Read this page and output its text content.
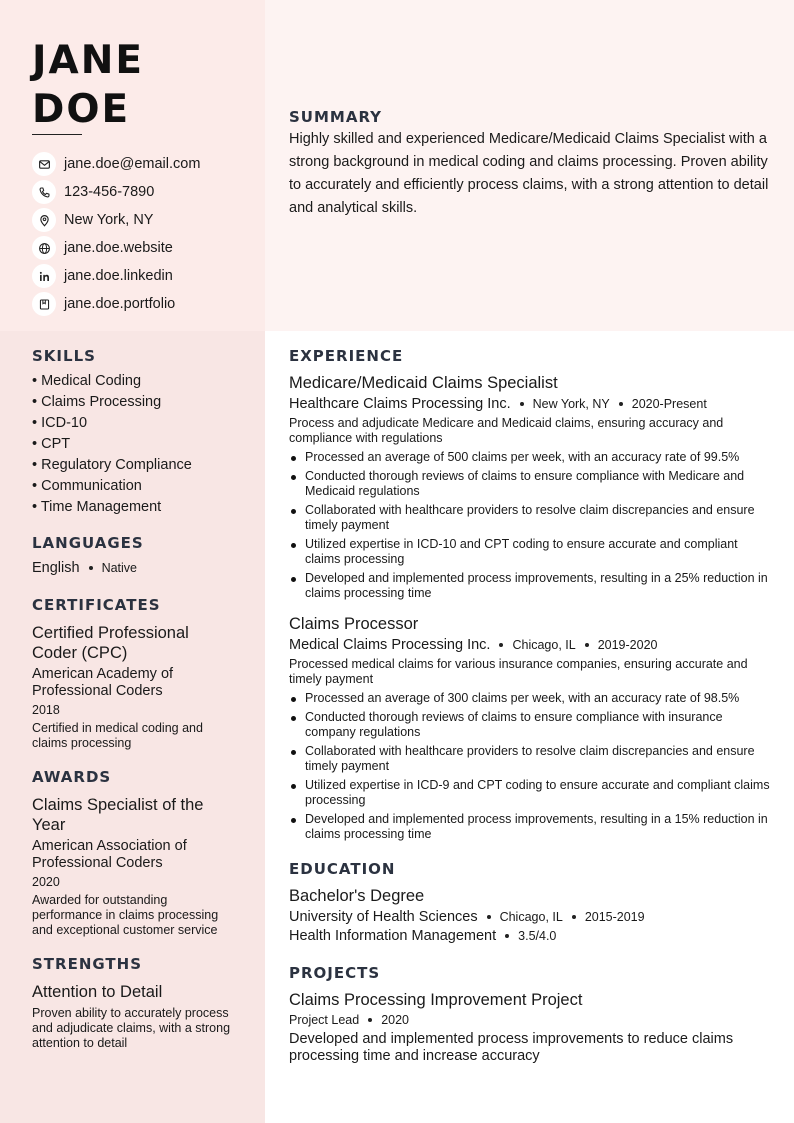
JANE
DOE
jane.doe@email.com
123-456-7890
New York, NY
jane.doe.website
jane.doe.linkedin
jane.doe.portfolio
SUMMARY

Highly skilled and experienced Medicare/Medicaid Claims Specialist with a strong background in medical coding and claims processing. Proven ability to accurately and efficiently process claims, with a strong attention to detail and analytical skills.

SKILLS
• Medical Coding
• Claims Processing
• ICD-10
• CPT
• Regulatory Compliance
• Communication
• Time Management
LANGUAGES
English Native
CERTIFICATES
Certified Professional Coder (CPC)
American Academy of Professional Coders
2018
Certified in medical coding and claims processing
AWARDS
Claims Specialist of the Year
American Association of Professional Coders
2020
Awarded for outstanding performance in claims processing and exceptional customer service
STRENGTHS
Attention to Detail
Proven ability to accurately process and adjudicate claims, with a strong attention to detail
EXPERIENCE
Medicare/Medicaid Claims Specialist
Healthcare Claims Processing Inc. New York, NY 2020-Present
Process and adjudicate Medicare and Medicaid claims, ensuring accuracy and compliance with regulations
Processed an average of 500 claims per week, with an accuracy rate of 99.5%
Conducted thorough reviews of claims to ensure compliance with Medicare and Medicaid regulations
Collaborated with healthcare providers to resolve claim discrepancies and ensure timely payment
Utilized expertise in ICD-10 and CPT coding to ensure accurate and compliant claims processing
Developed and implemented process improvements, resulting in a 25% reduction in claims processing time
Claims Processor
Medical Claims Processing Inc. Chicago, IL 2019-2020
Processed medical claims for various insurance companies, ensuring accurate and timely payment
Processed an average of 300 claims per week, with an accuracy rate of 98.5%
Conducted thorough reviews of claims to ensure compliance with insurance company regulations
Collaborated with healthcare providers to resolve claim discrepancies and ensure timely payment
Utilized expertise in ICD-9 and CPT coding to ensure accurate and compliant claims processing
Developed and implemented process improvements, resulting in a 15% reduction in claims processing time
EDUCATION
Bachelor's Degree
University of Health Sciences Chicago, IL 2015-2019
Health Information Management 3.5/4.0
PROJECTS
Claims Processing Improvement Project
Project Lead 2020
Developed and implemented process improvements to reduce claims processing time and increase accuracy
